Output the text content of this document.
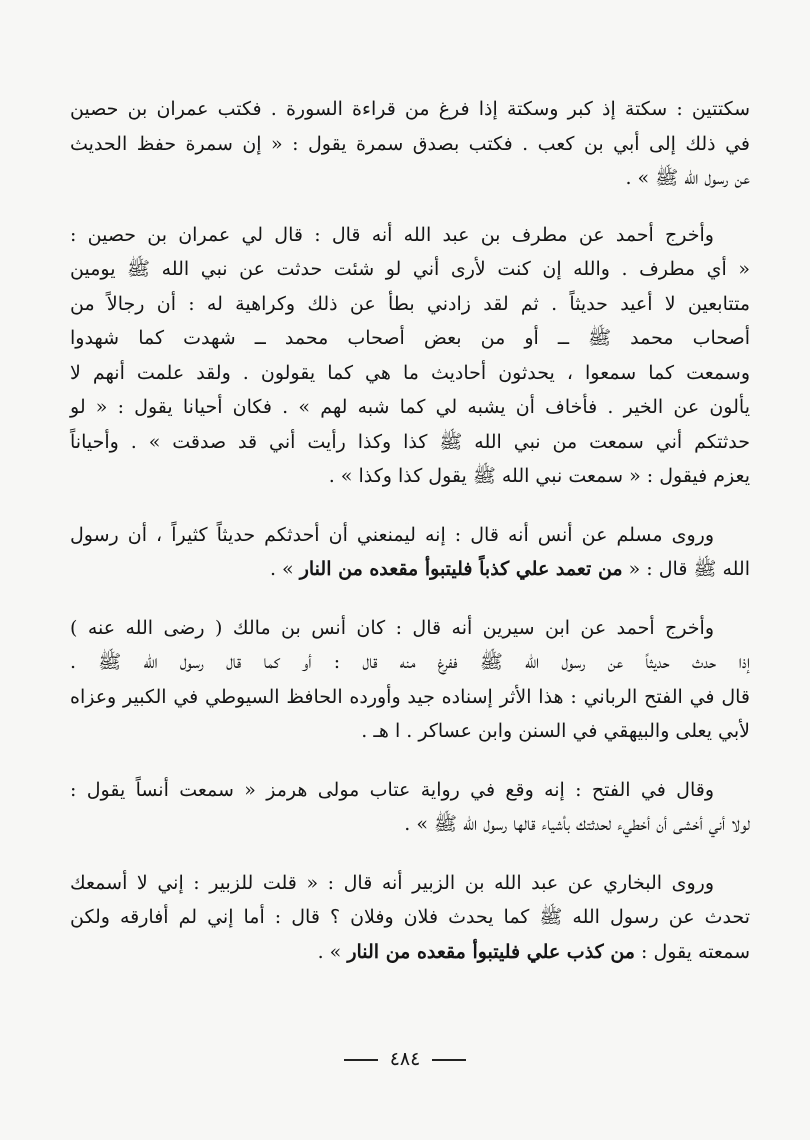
سكتتين : سكتة إذ كبر وسكتة إذا فرغ من قراءة السورة . فكتب عمران بن حصين
في ذلك إلى أبي بن كعب . فكتب بصدق سمرة يقول : « إن سمرة حفظ الحديث
عن رسول الله ﷺ » .

وأخرج أحمد عن مطرف بن عبد الله أنه قال : قال لي عمران بن حصين :
« أي مطرف . والله إن كنت لأرى أني لو شئت حدثت عن نبي الله ﷺ يومين
متتابعين لا أعيد حديثاً . ثم لقد زادني بطأ عن ذلك وكراهية له : أن رجالاً من
أصحاب محمد ﷺ ــ أو من بعض أصحاب محمد ــ شهدت كما شهدوا
وسمعت كما سمعوا ، يحدثون أحاديث ما هي كما يقولون . ولقد علمت أنهم لا
يألون عن الخير . فأخاف أن يشبه لي كما شبه لهم » . فكان أحيانا يقول : « لو
حدثتكم أني سمعت من نبي الله ﷺ كذا وكذا رأيت أني قد صدقت » . وأحياناً
يعزم فيقول : « سمعت نبي الله ﷺ يقول كذا وكذا » .

وروى مسلم عن أنس أنه قال : إنه ليمنعني أن أحدثكم حديثاً كثيراً ، أن رسول
الله ﷺ قال : « من تعمد علي كذباً فليتبوأ مقعده من النار » .

وأخرج أحمد عن ابن سيرين أنه قال : كان أنس بن مالك ( رضى الله عنه )
إذا حدث حديثاً عن رسول الله ﷺ ففرغ منه قال : أو كما قال رسول الله ﷺ .
قال في الفتح الرباني : هذا الأثر إسناده جيد وأورده الحافظ السيوطي في الكبير وعزاه
لأبي يعلى والبيهقي في السنن وابن عساكر . ا هـ .

وقال في الفتح : إنه وقع في رواية عتاب مولى هرمز « سمعت أنساً يقول :
لولا أني أخشى أن أخطيء لحدثتك بأشياء قالها رسول الله ﷺ » .

وروى البخاري عن عبد الله بن الزبير أنه قال : « قلت للزبير : إني لا أسمعك
تحدث عن رسول الله ﷺ كما يحدث فلان وفلان ؟ قال : أما إني لم أفارقه ولكن
سمعته يقول : من كذب علي فليتبوأ مقعده من النار » .

٤٨٤
